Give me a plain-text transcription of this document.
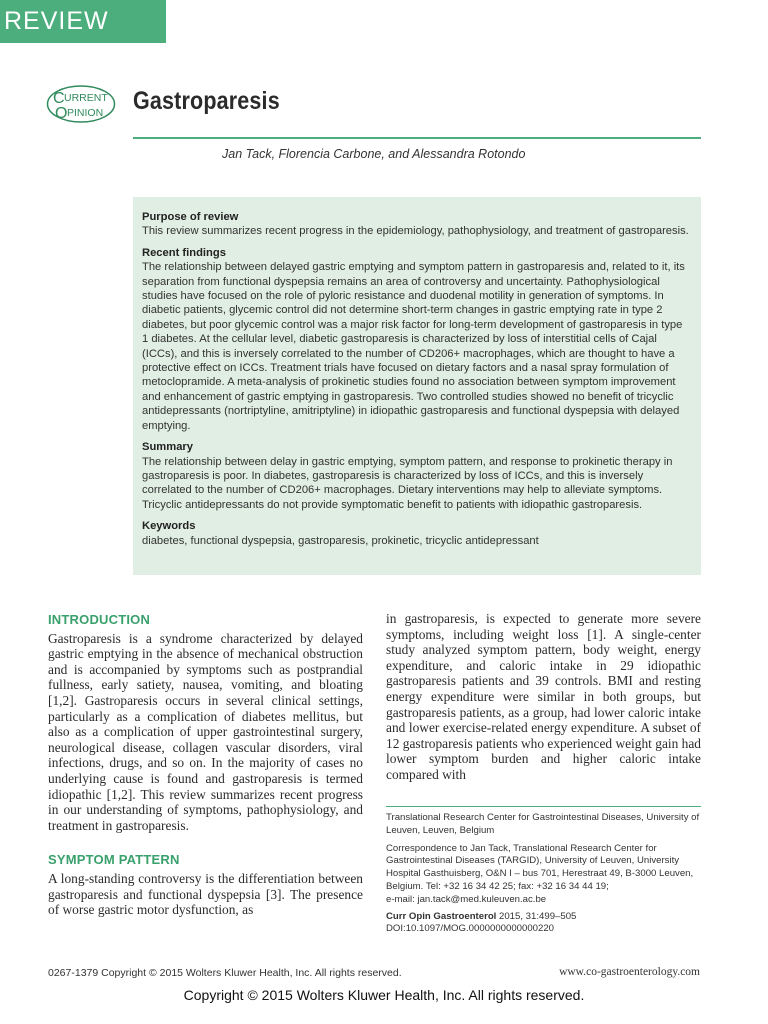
REVIEW
C URRENT
O PINION Gastroparesis
Jan Tack, Florencia Carbone, and Alessandra Rotondo
Purpose of review

This review summarizes recent progress in the epidemiology, pathophysiology, and treatment of gastroparesis.

Recent findings

The relationship between delayed gastric emptying and symptom pattern in gastroparesis and, related to it, its separation from functional dyspepsia remains an area of controversy and uncertainty. Pathophysiological studies have focused on the role of pyloric resistance and duodenal motility in generation of symptoms. In diabetic patients, glycemic control did not determine short-term changes in gastric emptying rate in type 2 diabetes, but poor glycemic control was a major risk factor for long-term development of gastroparesis in type 1 diabetes. At the cellular level, diabetic gastroparesis is characterized by loss of interstitial cells of Cajal (ICCs), and this is inversely correlated to the number of CD206+ macrophages, which are thought to have a protective effect on ICCs. Treatment trials have focused on dietary factors and a nasal spray formulation of metoclopramide. A meta-analysis of prokinetic studies found no association between symptom improvement and enhancement of gastric emptying in gastroparesis. Two controlled studies showed no benefit of tricyclic antidepressants (nortriptyline, amitriptyline) in idiopathic gastroparesis and functional dyspepsia with delayed emptying.

Summary

The relationship between delay in gastric emptying, symptom pattern, and response to prokinetic therapy in gastroparesis is poor. In diabetes, gastroparesis is characterized by loss of ICCs, and this is inversely correlated to the number of CD206+ macrophages. Dietary interventions may help to alleviate symptoms. Tricyclic antidepressants do not provide symptomatic benefit to patients with idiopathic gastroparesis.

Keywords

diabetes, functional dyspepsia, gastroparesis, prokinetic, tricyclic antidepressant

INTRODUCTION

Gastroparesis is a syndrome characterized by delayed gastric emptying in the absence of mechanical obstruction and is accompanied by symptoms such as postprandial fullness, early satiety, nausea, vomiting, and bloating [1,2]. Gastroparesis occurs in several clinical settings, particularly as a complication of diabetes mellitus, but also as a complication of upper gastrointestinal surgery, neurological disease, collagen vascular disorders, viral infections, drugs, and so on. In the majority of cases no underlying cause is found and gastroparesis is termed idiopathic [1,2]. This review summarizes recent progress in our understanding of symptoms, pathophysiology, and treatment in gastroparesis.

SYMPTOM PATTERN

A long-standing controversy is the differentiation between gastroparesis and functional dyspepsia [3]. The presence of worse gastric motor dysfunction, as

in gastroparesis, is expected to generate more severe symptoms, including weight loss [1]. A single-center study analyzed symptom pattern, body weight, energy expenditure, and caloric intake in 29 idiopathic gastroparesis patients and 39 controls. BMI and resting energy expenditure were similar in both groups, but gastroparesis patients, as a group, had lower caloric intake and lower exercise-related energy expenditure. A subset of 12 gastroparesis patients who experienced weight gain had lower symptom burden and higher caloric intake compared with

Translational Research Center for Gastrointestinal Diseases, University of Leuven, Leuven, Belgium

Correspondence to Jan Tack, Translational Research Center for Gastrointestinal Diseases (TARGID), University of Leuven, University Hospital Gasthuisberg, O&N I – bus 701, Herestraat 49, B-3000 Leuven, Belgium. Tel: +32 16 34 42 25; fax: +32 16 34 44 19;
e-mail: jan.tack@med.kuleuven.ac.be

Curr Opin Gastroenterol 2015, 31:499–505

DOI:10.1097/MOG.0000000000000220

0267-1379 Copyright © 2015 Wolters Kluwer Health, Inc. All rights reserved.	www.co-gastroenterology.com
Copyright © 2015 Wolters Kluwer Health, Inc. All rights reserved.
